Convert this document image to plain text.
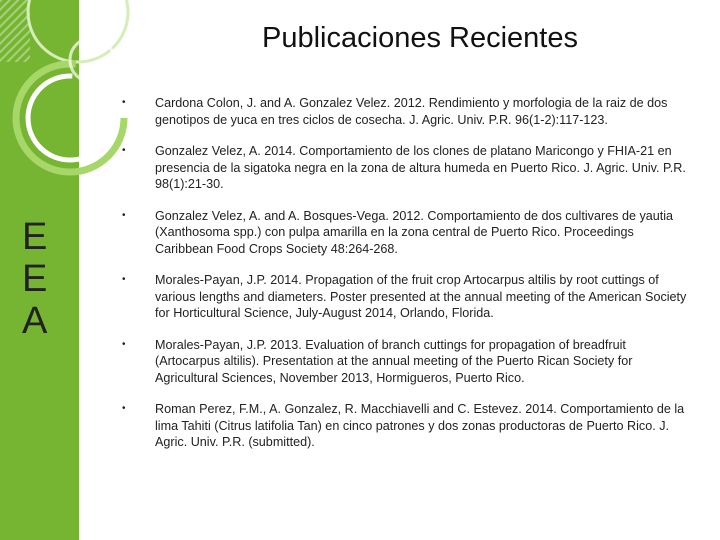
E
E
A
Publicaciones Recientes
• Cardona Colon, J. and A. Gonzalez Velez. 2012. Rendimiento y morfologia de la raiz de dos genotipos de yuca en tres ciclos de cosecha. J. Agric. Univ. P.R. 96(1-2):117-123.
• Gonzalez Velez, A. 2014. Comportamiento de los clones de platano Maricongo y FHIA-21 en presencia de la sigatoka negra en la zona de altura humeda en Puerto Rico. J. Agric. Univ. P.R. 98(1):21-30.
• Gonzalez Velez, A. and A. Bosques-Vega. 2012. Comportamiento de dos cultivares de yautia (Xanthosoma spp.) con pulpa amarilla en la zona central de Puerto Rico. Proceedings Caribbean Food Crops Society 48:264-268.
• Morales-Payan, J.P. 2014. Propagation of the fruit crop Artocarpus altilis by root cuttings of various lengths and diameters. Poster presented at the annual meeting of the American Society for Horticultural Science, July-August 2014, Orlando, Florida.
• Morales-Payan, J.P. 2013. Evaluation of branch cuttings for propagation of breadfruit (Artocarpus altilis). Presentation at the annual meeting of the Puerto Rican Society for Agricultural Sciences, November 2013, Hormigueros, Puerto Rico.
• Roman Perez, F.M., A. Gonzalez, R. Macchiavelli and C. Estevez. 2014. Comportamiento de la lima Tahiti (Citrus latifolia Tan) en cinco patrones y dos zonas productoras de Puerto Rico. J. Agric. Univ. P.R. (submitted).
